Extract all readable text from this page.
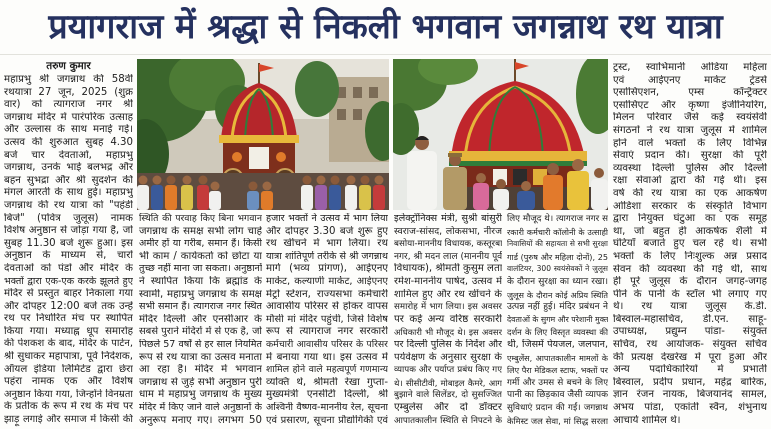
प्रयागराज में श्रद्धा से निकली भगवान जगन्नाथ रथ यात्रा
तरुण कुमार
महाप्रभु श्री जगन्नाथ की 58वीं
रथयात्रा 27 जून, 2025 (शुक्र
वार) को त्यागराज नगर श्री
जगन्नाथ मंदिर में पारंपरिक उत्साह
और उल्लास के साथ मनाई गई।
उत्सव की शुरुआत सुबह 4.30
बजे चार देवताओं, महाप्रभु
जगन्नाथ, उनके भाई बलभद्र और
बहन सुभद्रा और श्री सुदर्शन की
मंगल आरती के साथ हुई। महाप्रभु
जगन्नाथ की रथ यात्रा को "पहंडी
बिजे" (पवित्र जुलूस) नामक
विशेष अनुष्ठान से जोड़ा गया है, जो
सुबह 11.30 बजे शुरू हुआ। इस
अनुष्ठान के माध्यम से, चारों
देवताओं को पंडों और मंदिर के
भक्तों द्वारा एक-एक करके झूलते हुए
मंदिर से प्रस्तुत बाहर निकाला गया
और दोपहर 12:00 बजे तक उन्हें
रथ पर निर्धारित मंच पर स्थापित
किया गया। मध्याह्न धूप समारोह
की पेशकश के बाद, मंदिर के पार्टन,
श्री सुधाकर महापात्रा, पूर्व निदेशक,
ऑयल इंडिया लिमिटेड द्वारा छेरा
पहंरा नामक एक और विशेष
अनुष्ठान किया गया, जिन्होंने विनम्रता
के प्रतीक के रूप में रथ के मंच पर
झाड़ू लगाई और समाज में किसी की
स्थिति की परवाह किए बिना भगवान
जगन्नाथ के समक्ष सभी लोग चाहे
अमीर हों या गरीब, समान हैं। किसी
भी काम / कार्यकर्ता को छोटा या
तुच्छ नहीं माना जा सकता। अनुष्ठानों
ने स्थापित किया कि ब्रह्मांड के
स्वामी, महाप्रभु जगन्नाथ के समक्ष
सभी समान हैं। त्यागराज नगर स्थित
मंदिर दिल्ली और एनसीआर के
सबसे पुराने मंदिरों में से एक है, जो
पिछले 57 वर्षों से हर साल नियमित
रूप से रथ यात्रा का उत्सव मनाता
आ रहा है। मंदिर में भगवान
जगन्नाथ से जुड़े सभी अनुष्ठान पुरी
धाम में महाप्रभु जगन्नाथ के मुख्य
मंदिर में किए जाने वाले अनुष्ठानों के
अनुरूप मनाए गए। लगभग 50
हजार भक्तों ने उत्सव में भाग लिया
और दोपहर 3.30 बजे शुरू हुए
रथ खींचने में भाग लिया। रथ
यात्रा शांतिपूर्ण तरीके से श्री जगन्नाथ
मार्ग (भव्य प्रांगण), आईएनए
मार्केट, कल्याणी मार्केट, आईएनए
मेट्रो स्टेशन, राज्यसभा कर्मचारी
आवासीय परिसर से होकर वापस
मौसी मां मंदिर पहुंची, जिसे विशेष
रूप से त्यागराज नगर सरकारी
कर्मचारी आवासीय परिसर के परिसर
में बनाया गया था। इस उत्सव में
शामिल होने वाले महत्वपूर्ण गणमान्य
व्यक्ति थे, श्रीमती रेखा गुप्ता-
मुख्यमंत्री एनसीटी दिल्ली, श्री
अश्विनी वैष्णव-माननीय रेल, सूचना
एवं प्रसारण, सूचना प्रौद्योगिकी एवं
इलेक्ट्रॉनिक्स मंत्री, सुश्री बांसुरी
स्वराज-सांसद, लोकसभा, नीरज
बसोया-माननीय विधायक, कस्तूरबा
नगर, श्री मदन लाल (माननीय पूर्व
विधायक), श्रीमती कुसुम लता
रमेश-माननीय पार्षद, उत्सव में
शामिल हुए और रथ खींचने के
समारोह में भाग लिया। इस अवसर
पर कई अन्य वरिष्ठ सरकारी
अधिकारी भी मौजूद थे। इस अवसर
पर दिल्ली पुलिस के निर्देश और
पर्यवेक्षण के अनुसार सुरक्षा के
व्यापक और पर्याप्त प्रबंध किए गए
थे। सीसीटीवी, मोबाइल कैमरे, आग
बुझाने वाले सिलेंडर, दो सुसज्जित
एम्बुलेंस और दो डॉक्टर
आपातकालीन स्थिति से निपटने के
लिए मौजूद थे। त्यागराज नगर स
रकारी कर्मचारी कॉलोनी के उत्साही
निवासियों की सहायता से सभी सुरक्षा
गार्ड (पुरुष और महिला दोनों), 25
वालंटियर, 300 स्वयंसेवकों ने जुलूस
के दौरान सुरक्षा का ध्यान रखा।
जुलूस के दौरान कोई अप्रिय स्थिति
उत्पन्न नहीं हुई। मंदिर प्रबंधन ने
देवताओं के सुगम और परेशानी मुक्त
दर्शन के लिए विस्तृत व्यवस्था की
थी, जिसमें पेयजल, जलपान,
एम्बुलेंस, आपातकालीन मामलों के
लिए पैरा मेडिकल स्टाफ, भक्तों पर
गर्मी और उमस से बचने के लिए
पानी का छिड़काव जैसी व्यापक
सुविधाएं प्रदान की गईं। जगन्नाथ
केमिस्ट जल सेवा, मां सिद्ध सरला
ट्रस्ट, स्वाभिमानी ओडिया महिला
एवं आईएनए मार्केट ट्रेडर्स
एसोसिएशन, एम्स कॉन्ट्रैक्टर
एसोसिएट और कृष्णा इंजीनियरिंग,
मिलन परिवार जैसे कई स्वयंसेवी
संगठनों ने रथ यात्रा जुलूस में शामिल
होने वाले भक्तों के लिए विभिन्न
सेवाएं प्रदान कीं। सुरक्षा की पूरी
व्यवस्था दिल्ली पुलिस और दिल्ली
रक्षा सेवाओं द्वारा की गई थी। इस
वर्ष की रथ यात्रा का एक आकर्षण
ओडिशा सरकार के संस्कृति विभाग
द्वारा नियुक्त घंटुआ का एक समूह
था, जो बहुत ही आकर्षक शैली में
घंटियाँ बजाते हुए चल रहे थे। सभी
भक्तों के लिए निःशुल्क अन्न प्रसाद
सेवन की व्यवस्था की गई थी, साथ
ही पूरे जुलूस के दौरान जगह-जगह
पीने के पानी के स्टॉल भी लगाए गए
थे। रथ यात्रा जुलूस के.डी.
बिस्वाल-महासचिव, डी.एन. साहू-
उपाध्यक्ष, प्रद्युम्न पांडा- संयुक्त
सचिव, रथ आयोजक- संयुक्त सचिव
की प्रत्यक्ष देखरेख में पूरा हुआ और
अन्य पदाधिकारियों में प्रभाती
बिस्वाल, प्रदीप प्रधान, महेंद्र बारिक,
ज्ञान रंजन नायक, बिजयानंद सामल,
अभय पांडा, एकांती स्वैन, शंभुनाथ
आचार्य शामिल थे।
